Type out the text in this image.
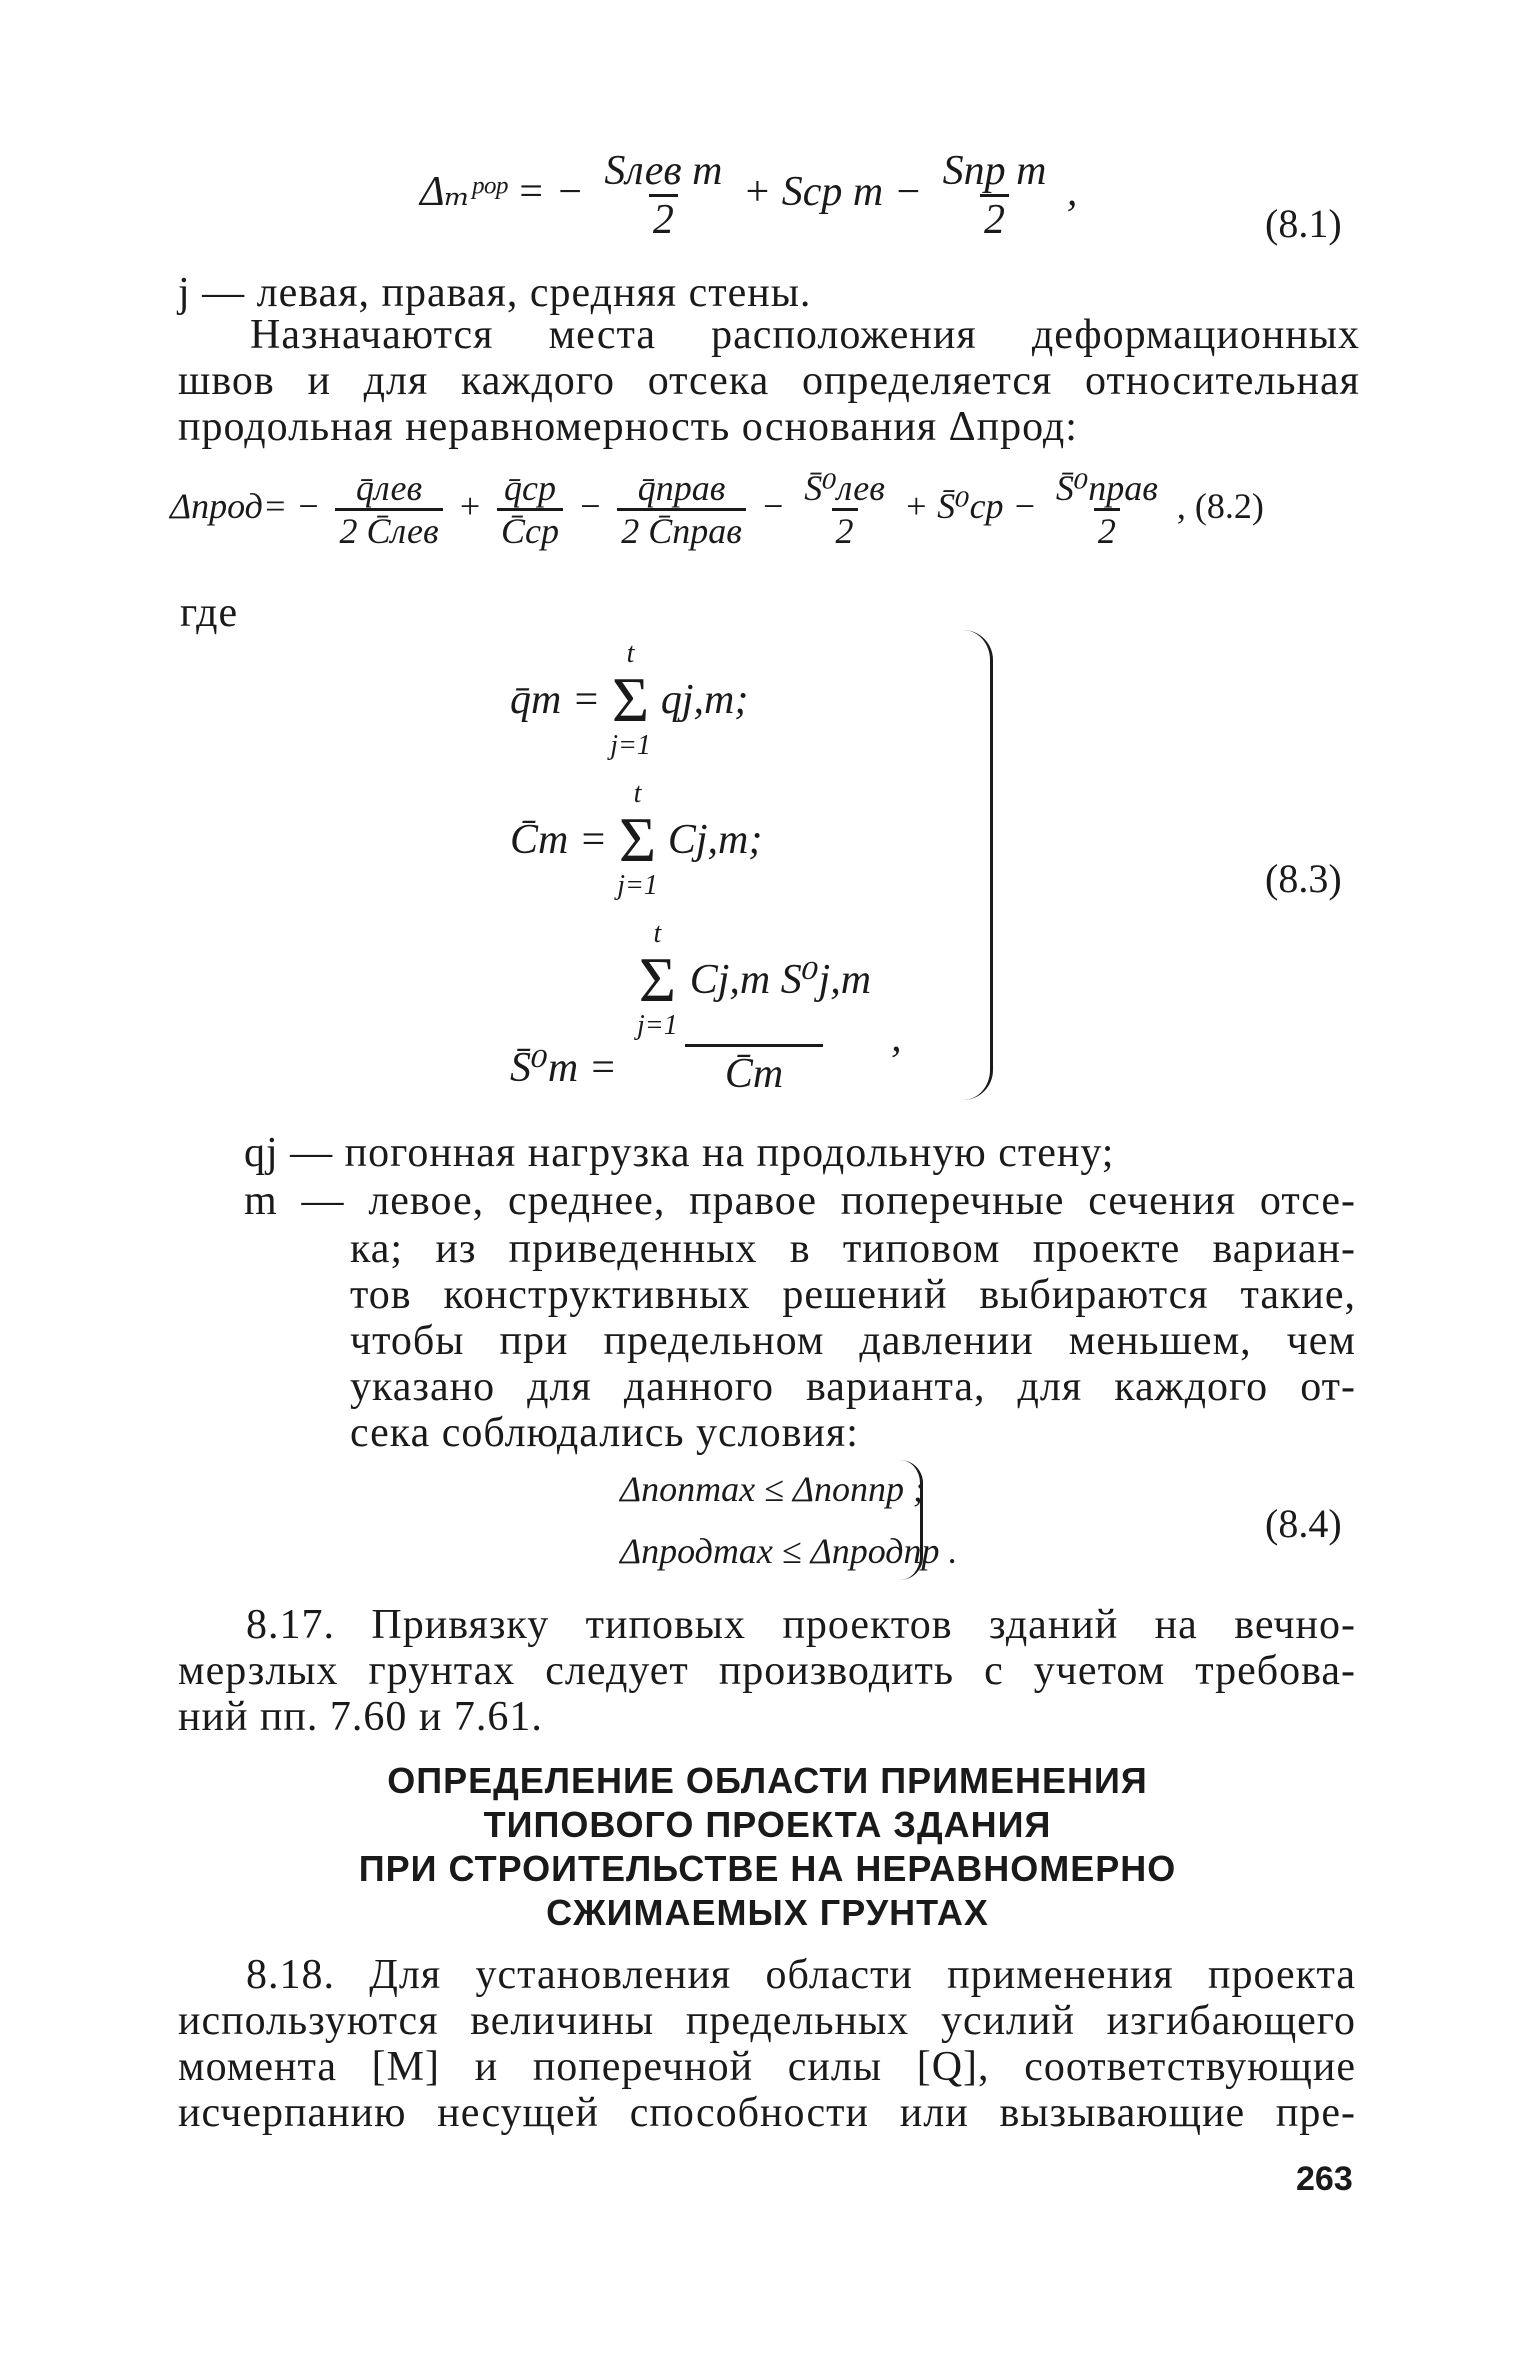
Δₘᵖᵒᵖ = − $\frac{\text{Sлев m}}{2}$ + Sср $m - \frac{\text{Sпр m}}{2}$ ,
(8.1)
j — левая, правая, средняя стены.
Назначаются места расположения деформационных
швов и для каждого отсека определяется относительная
продольная неравномерность основания Δпрод:
Δпрод= − $\frac{\text{q̄лев}}{\text{2 C̄лев}} + \frac{q̄ср}{C̄ср} - \frac{\text{q̄прав}}{\text{2 C̄прав}} - \frac{\text{S̄⁰лев}}{2}$ + S̄⁰ср − $\frac{\text{S̄⁰прав}}{2}$ , (8.2)
где
q̄m =
t
Σ
j=1
qj,m;
C̄m =
t
Σ
j=1
Cj,m;
S̄⁰m = t
Σ
j=1
Cj,m S⁰j,m
C̄m ,
(8.3)
qj — погонная нагрузка на продольную стену;
m — левое, среднее, правое поперечные сечения отсе-
ка; из приведенных в типовом проекте вариан-
тов конструктивных решений выбираются такие,
чтобы при предельном давлении меньшем, чем
указано для данного варианта, для каждого от-
сека соблюдались условия:
Δпопmax ≤ Δпоппр ;
Δпродmax ≤ Δпродпр .
(8.4)
8.17. Привязку типовых проектов зданий на вечно-
мерзлых грунтах следует производить с учетом требова-
ний пп. 7.60 и 7.61.
ОПРЕДЕЛЕНИЕ ОБЛАСТИ ПРИМЕНЕНИЯ
ТИПОВОГО ПРОЕКТА ЗДАНИЯ
ПРИ СТРОИТЕЛЬСТВЕ НА НЕРАВНОМЕРНО
СЖИМАЕМЫХ ГРУНТАХ
8.18. Для установления области применения проекта
используются величины предельных усилий изгибающего
момента [M] и поперечной силы [Q], соответствующие
исчерпанию несущей способности или вызывающие пре-
263
